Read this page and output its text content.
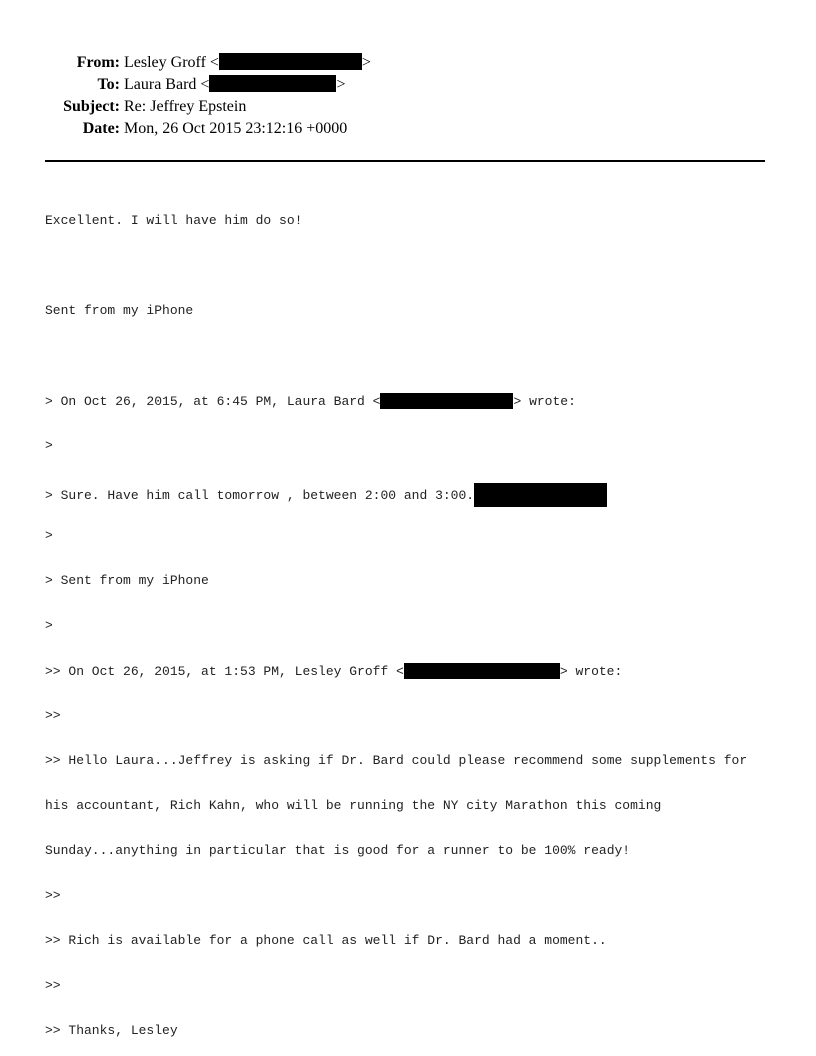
From: Lesley Groff <	>
To: Laura Bard <	>
Subject: Re: Jeffrey Epstein
Date: Mon, 26 Oct 2015 23:12:16 +0000

Excellent. I will have him do so!

Sent from my iPhone

> On Oct 26, 2015, at 6:45 PM, Laura Bard <	> wrote:

>

> Sure. Have him call tomorrow , between 2:00 and 3:00.

>

> Sent from my iPhone

>

>> On Oct 26, 2015, at 1:53 PM, Lesley Groff <	> wrote:

>>

>> Hello Laura...Jeffrey is asking if Dr. Bard could please recommend some supplements for

his accountant, Rich Kahn, who will be running the NY city Marathon this coming

Sunday...anything in particular that is good for a runner to be 100% ready!

>>

>> Rich is available for a phone call as well if Dr. Bard had a moment..

>>

>> Thanks, Lesley
